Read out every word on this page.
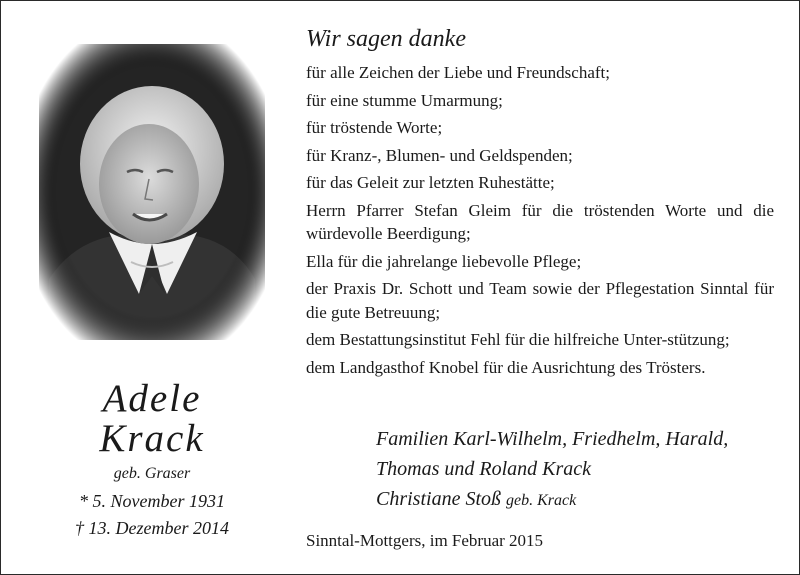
Adele
Krack
geb. Graser
* 5. November 1931
† 13. Dezember 2014
Wir sagen danke
für alle Zeichen der Liebe und Freundschaft;
für eine stumme Umarmung;
für tröstende Worte;
für Kranz-, Blumen- und Geldspenden;
für das Geleit zur letzten Ruhestätte;
Herrn Pfarrer Stefan Gleim für die tröstenden Worte und die würdevolle Beerdigung;
Ella für die jahrelange liebevolle Pflege;
der Praxis Dr. Schott und Team sowie der Pflegestation Sinntal für die gute Betreuung;
dem Bestattungsinstitut Fehl für die hilfreiche Unter-stützung;
dem Landgasthof Knobel für die Ausrichtung des Trösters.
Familien Karl-Wilhelm, Friedhelm, Harald,
Thomas und Roland Krack
Christiane Stoß geb. Krack
Sinntal-Mottgers, im Februar 2015
